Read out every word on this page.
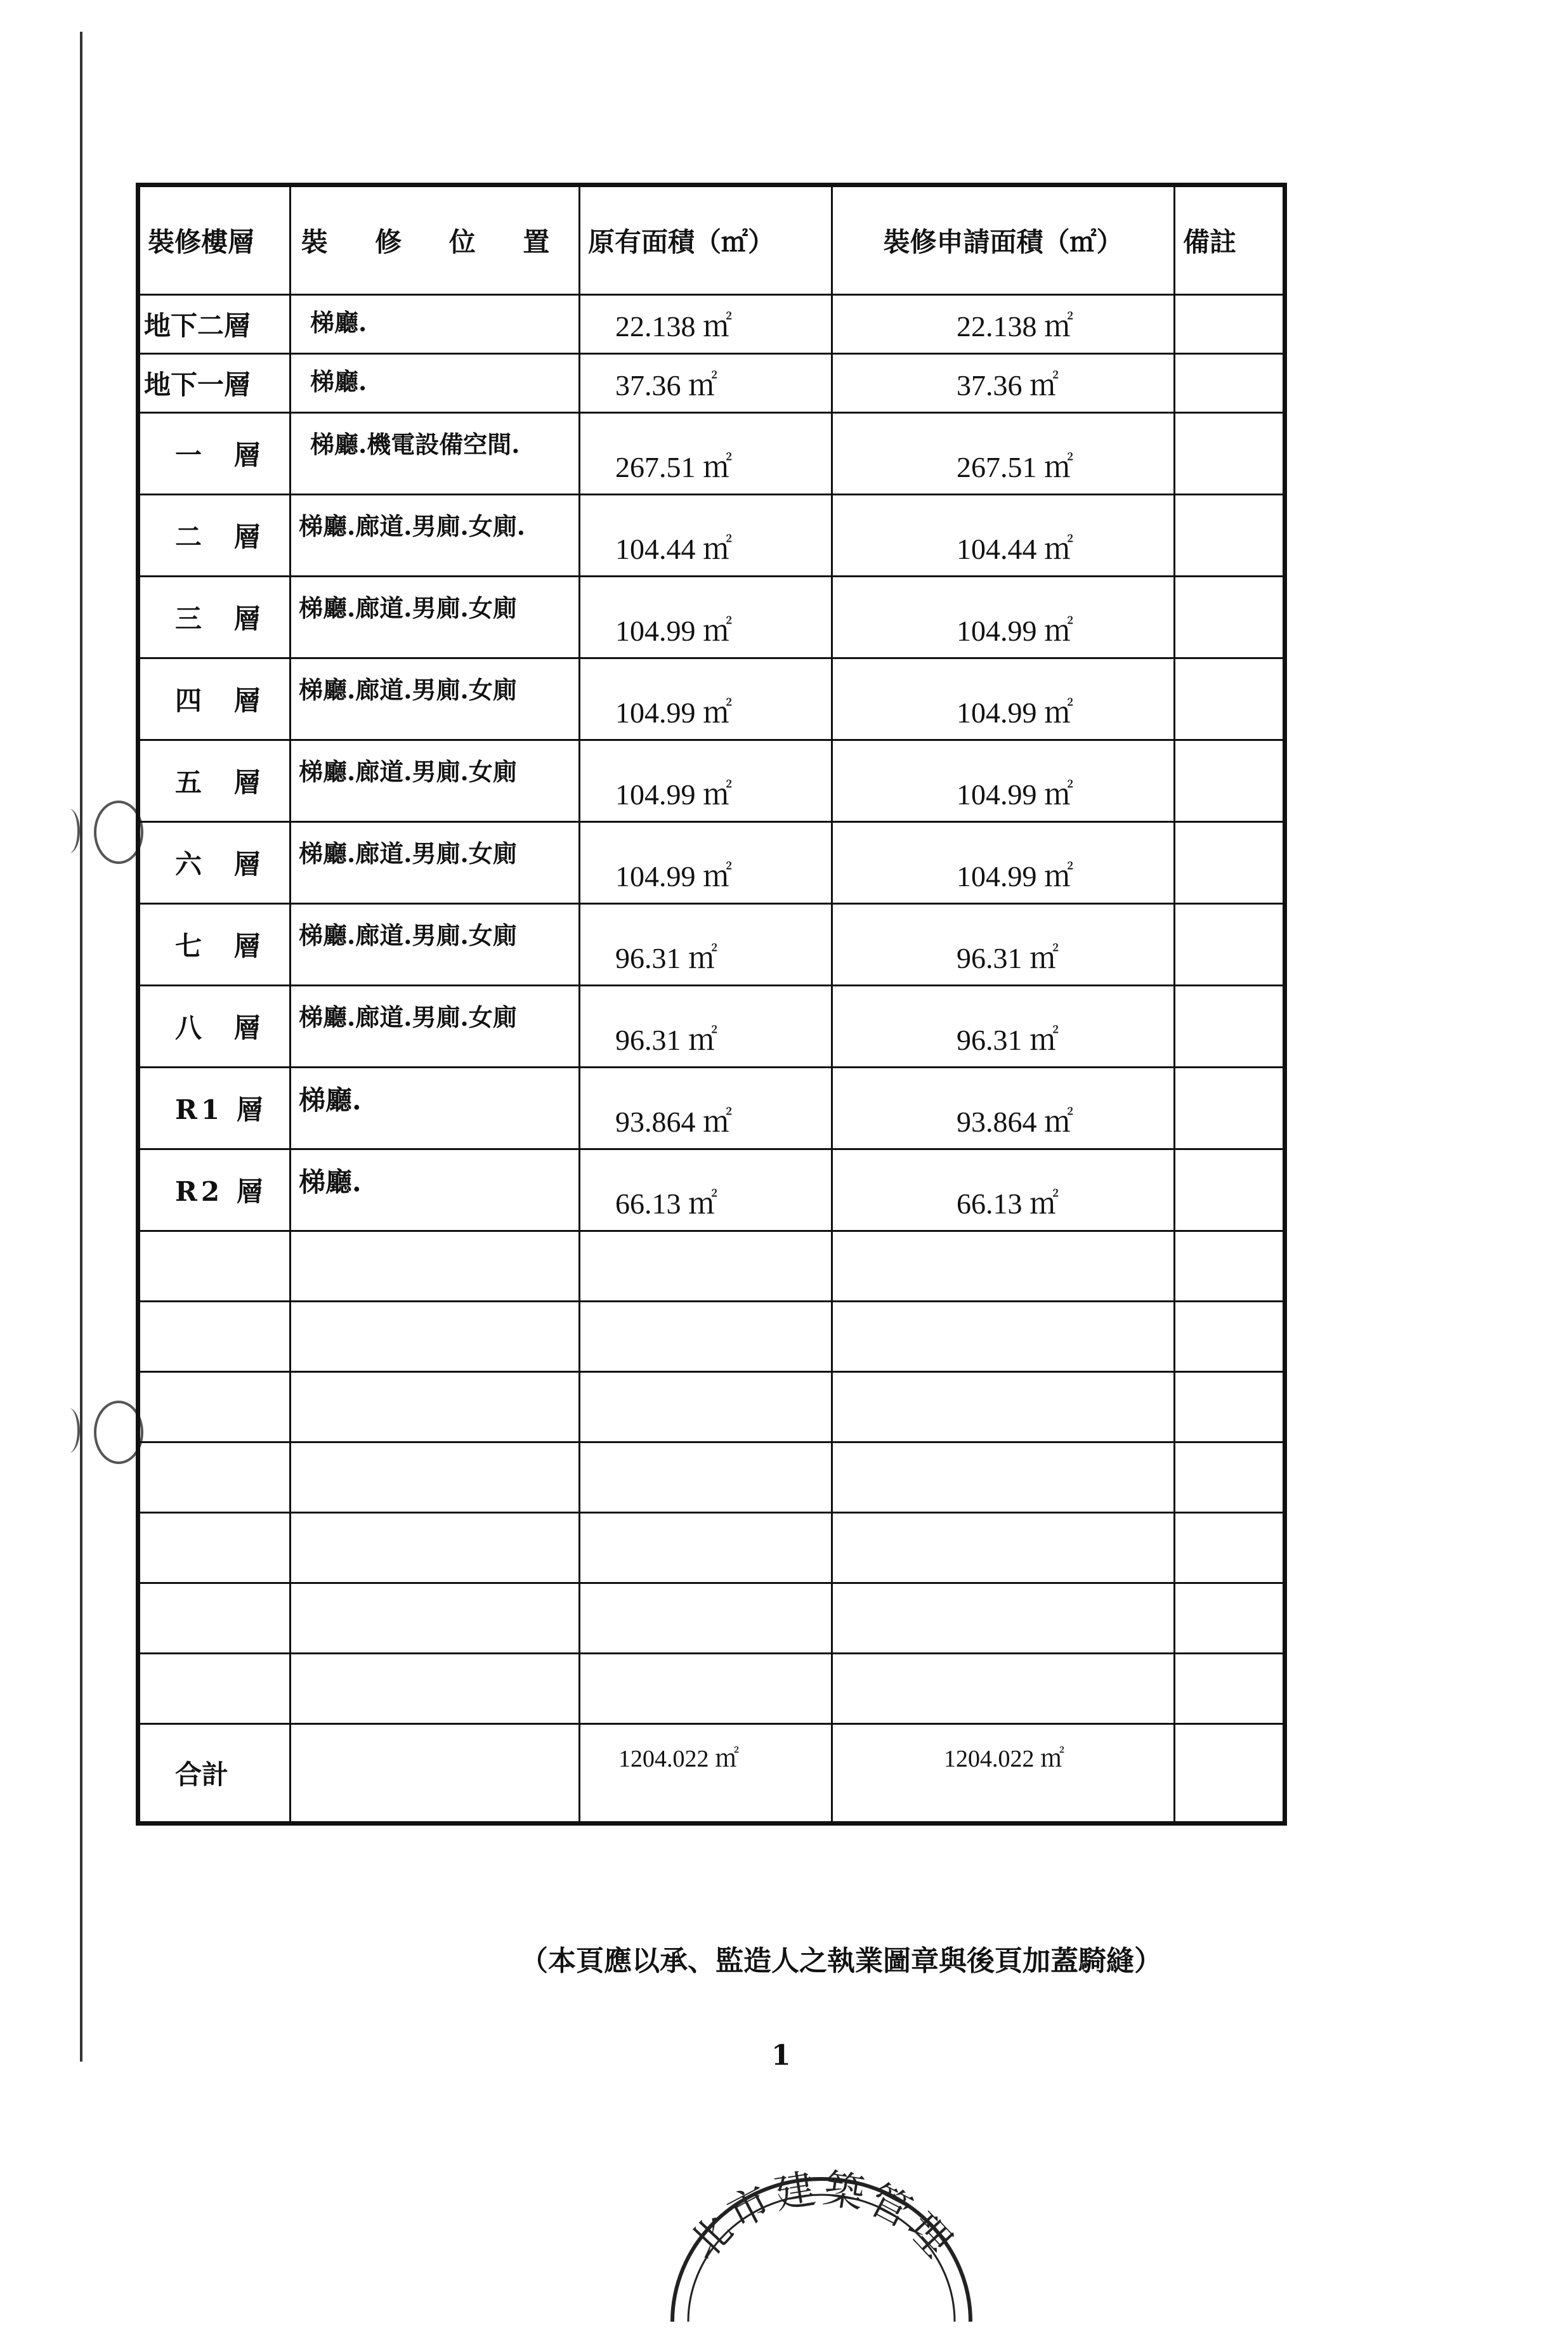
裝修樓層	裝 修 位 置	原有面積（㎡）	裝修申請面積（㎡）	備註
地下二層	梯廳.	22.138 ㎡	22.138 ㎡	
地下一層	梯廳.	37.36 ㎡	37.36 ㎡	
一 層	梯廳.機電設備空間.	267.51 ㎡	267.51 ㎡	
二 層	梯廳.廊道.男廁.女廁.	104.44 ㎡	104.44 ㎡	
三 層	梯廳.廊道.男廁.女廁	104.99 ㎡	104.99 ㎡	
四 層	梯廳.廊道.男廁.女廁	104.99 ㎡	104.99 ㎡	
五 層	梯廳.廊道.男廁.女廁	104.99 ㎡	104.99 ㎡	
六 層	梯廳.廊道.男廁.女廁	104.99 ㎡	104.99 ㎡	
七 層	梯廳.廊道.男廁.女廁	96.31 ㎡	96.31 ㎡	
八 層	梯廳.廊道.男廁.女廁	96.31 ㎡	96.31 ㎡	
R1 層	梯廳.	93.864 ㎡	93.864 ㎡	
R2 層	梯廳.	66.13 ㎡	66.13 ㎡	

合計		1204.022 ㎡	1204.022 ㎡	
（本頁應以承、監造人之執業圖章與後頁加蓋騎縫）
1
北市建築管理
